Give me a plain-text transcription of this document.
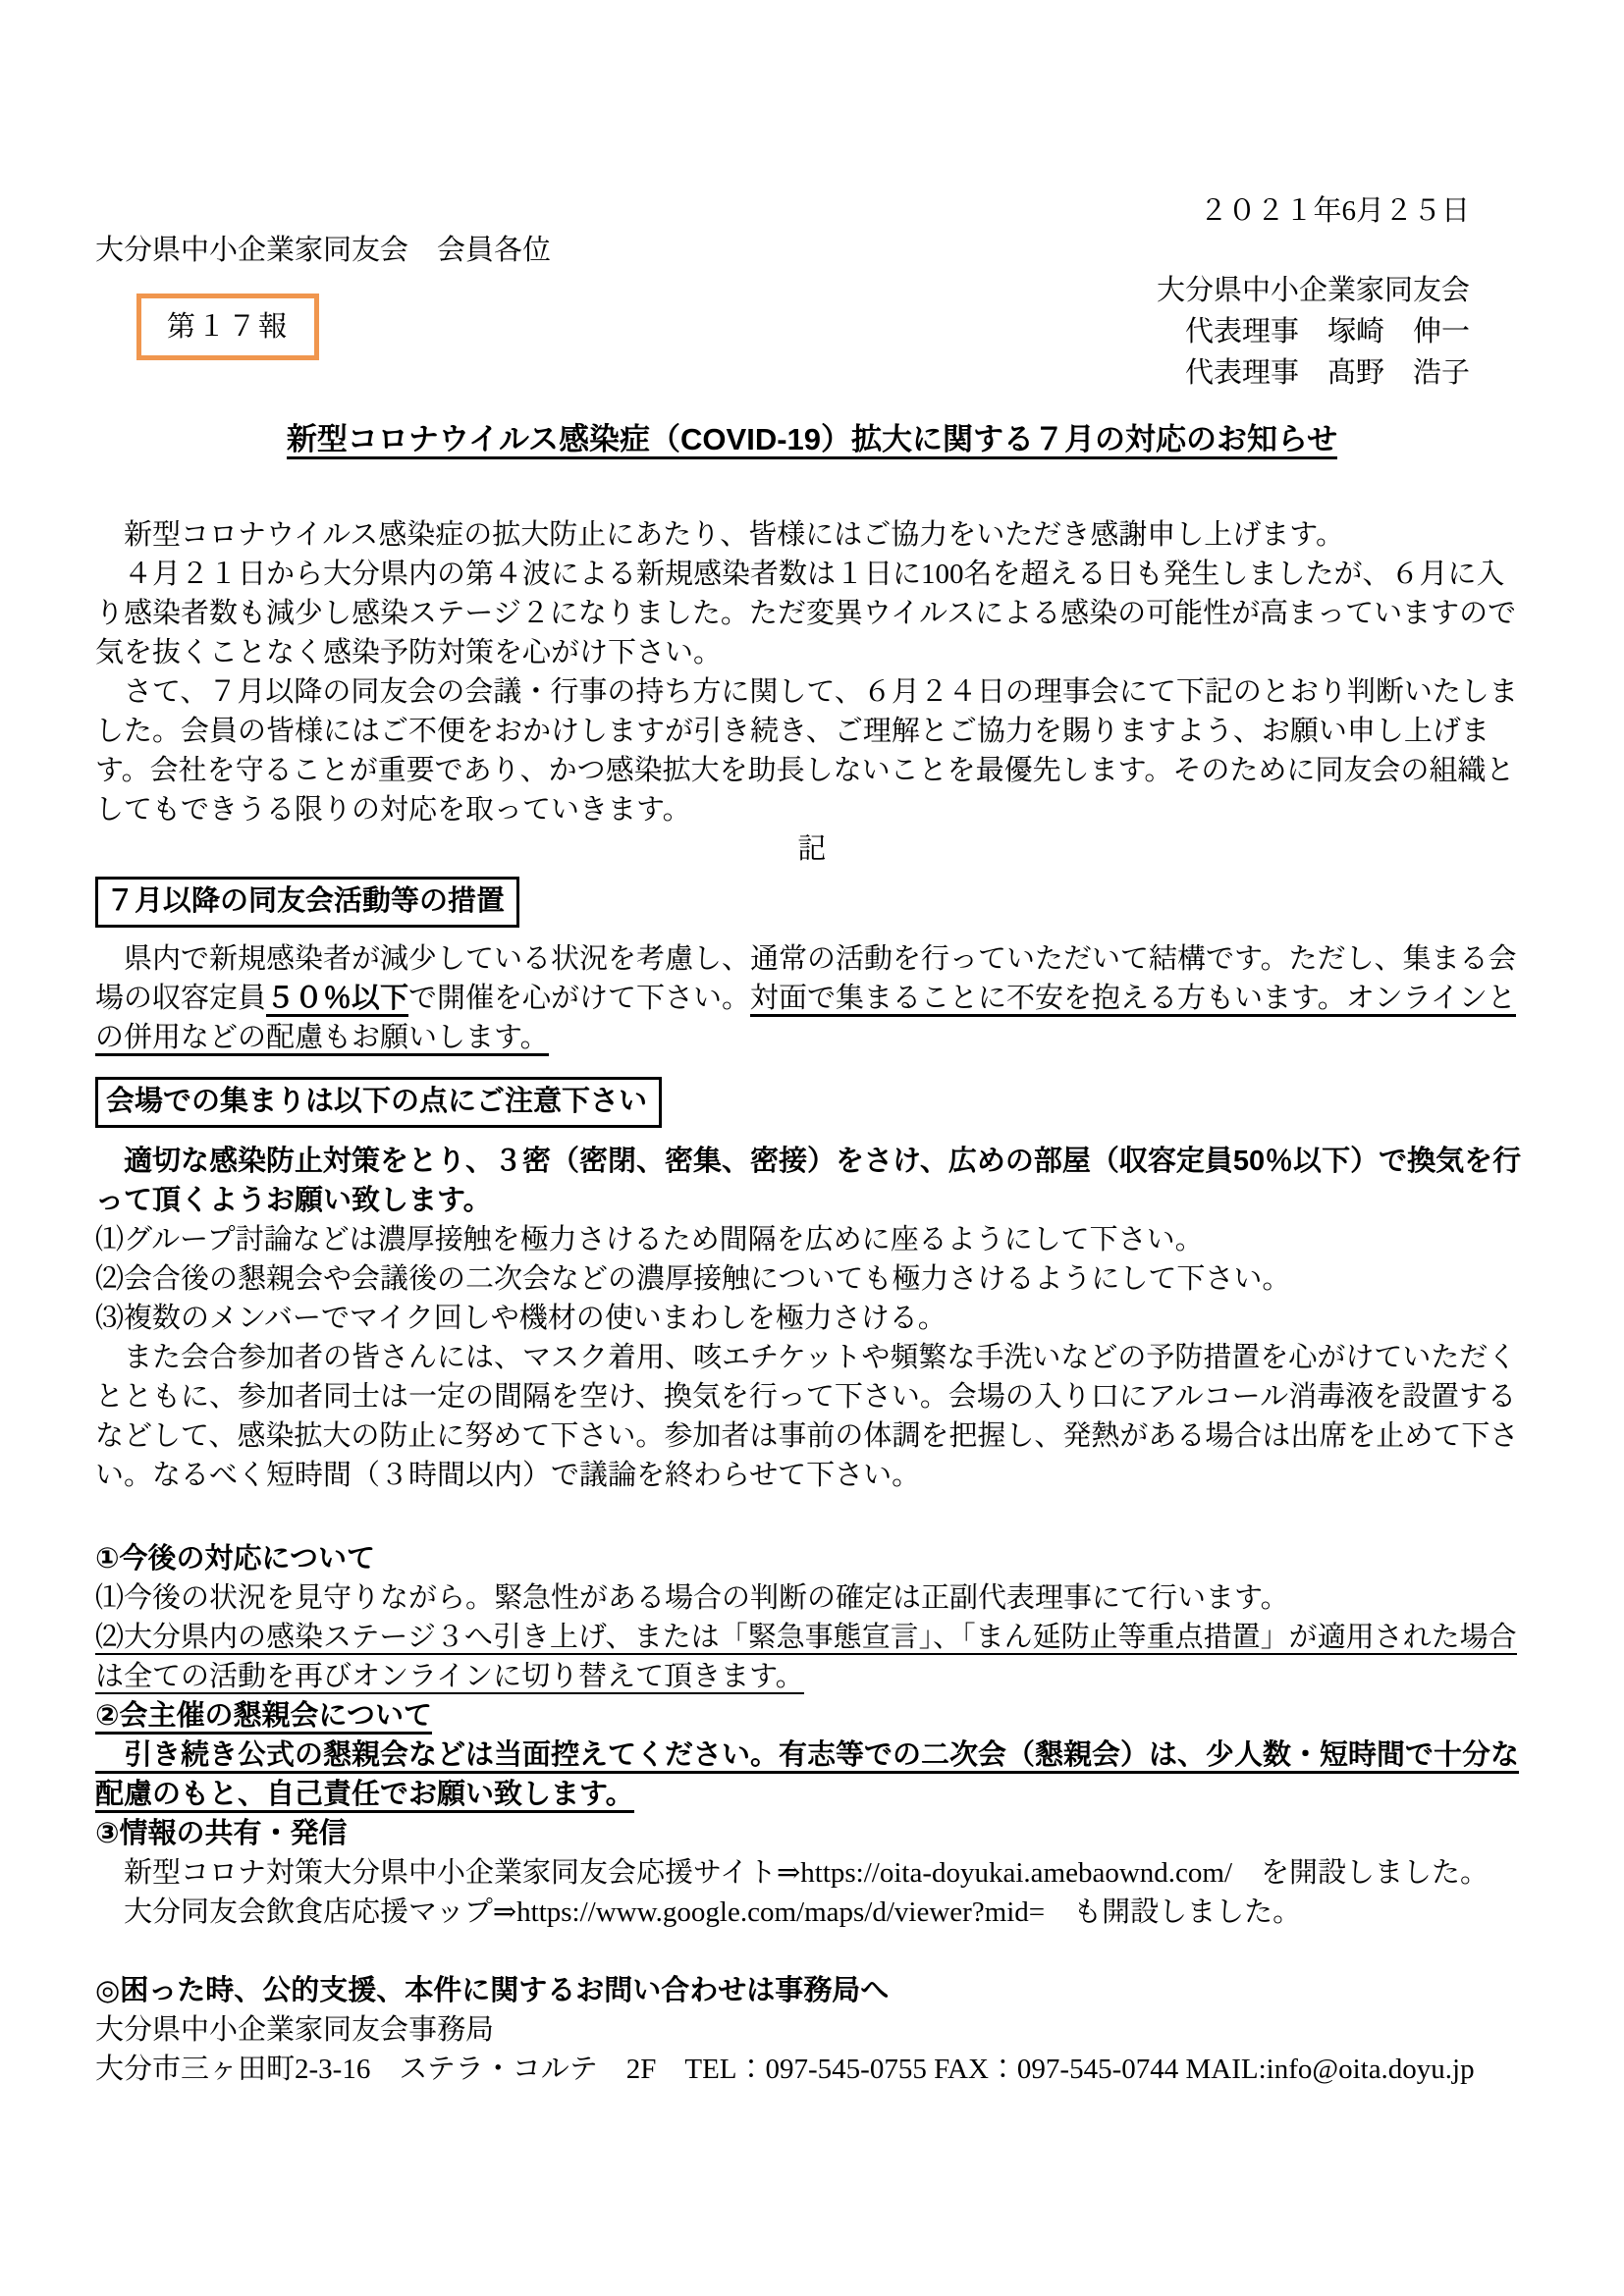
２０２１年6月２５日
大分県中小企業家同友会　会員各位
第１７報
大分県中小企業家同友会
代表理事　塚崎　伸一
代表理事　髙野　浩子
新型コロナウイルス感染症（COVID-19）拡大に関する７月の対応のお知らせ

　新型コロナウイルス感染症の拡大防止にあたり、皆様にはご協力をいただき感謝申し上げます。

　４月２１日から大分県内の第４波による新規感染者数は１日に100名を超える日も発生しましたが、６月に入り感染者数も減少し感染ステージ２になりました。ただ変異ウイルスによる感染の可能性が高まっていますので気を抜くことなく感染予防対策を心がけ下さい。

　さて、７月以降の同友会の会議・行事の持ち方に関して、６月２４日の理事会にて下記のとおり判断いたしました。会員の皆様にはご不便をおかけしますが引き続き、ご理解とご協力を賜りますよう、お願い申し上げます。会社を守ることが重要であり、かつ感染拡大を助長しないことを最優先します。そのために同友会の組織としてもできうる限りの対応を取っていきます。

記

７月以降の同友会活動等の措置

　県内で新規感染者が減少している状況を考慮し、通常の活動を行っていただいて結構です。ただし、集まる会場の収容定員５０％以下で開催を心がけて下さい。対面で集まることに不安を抱える方もいます。オンラインとの併用などの配慮もお願いします。

会場での集まりは以下の点にご注意下さい

　適切な感染防止対策をとり、３密（密閉、密集、密接）をさけ、広めの部屋（収容定員50％以下）で換気を行って頂くようお願い致します。

⑴グループ討論などは濃厚接触を極力さけるため間隔を広めに座るようにして下さい。

⑵会合後の懇親会や会議後の二次会などの濃厚接触についても極力さけるようにして下さい。

⑶複数のメンバーでマイク回しや機材の使いまわしを極力さける。

　また会合参加者の皆さんには、マスク着用、咳エチケットや頻繁な手洗いなどの予防措置を心がけていただくとともに、参加者同士は一定の間隔を空け、換気を行って下さい。会場の入り口にアルコール消毒液を設置するなどして、感染拡大の防止に努めて下さい。参加者は事前の体調を把握し、発熱がある場合は出席を止めて下さい。なるべく短時間（３時間以内）で議論を終わらせて下さい。

①今後の対応について

⑴今後の状況を見守りながら。緊急性がある場合の判断の確定は正副代表理事にて行います。

⑵大分県内の感染ステージ３へ引き上げ、または「緊急事態宣言」、「まん延防止等重点措置」が適用された場合は全ての活動を再びオンラインに切り替えて頂きます。

②会主催の懇親会について

　引き続き公式の懇親会などは当面控えてください。有志等での二次会（懇親会）は、少人数・短時間で十分な配慮のもと、自己責任でお願い致します。

③情報の共有・発信

　新型コロナ対策大分県中小企業家同友会応援サイト⇒https://oita-doyukai.amebaownd.com/　を開設しました。

　大分同友会飲食店応援マップ⇒https://www.google.com/maps/d/viewer?mid=　も開設しました。

◎困った時、公的支援、本件に関するお問い合わせは事務局へ

大分県中小企業家同友会事務局

大分市三ヶ田町2-3-16　ステラ・コルテ　2F　TEL：097-545-0755 FAX：097-545-0744 MAIL:info@oita.doyu.jp
